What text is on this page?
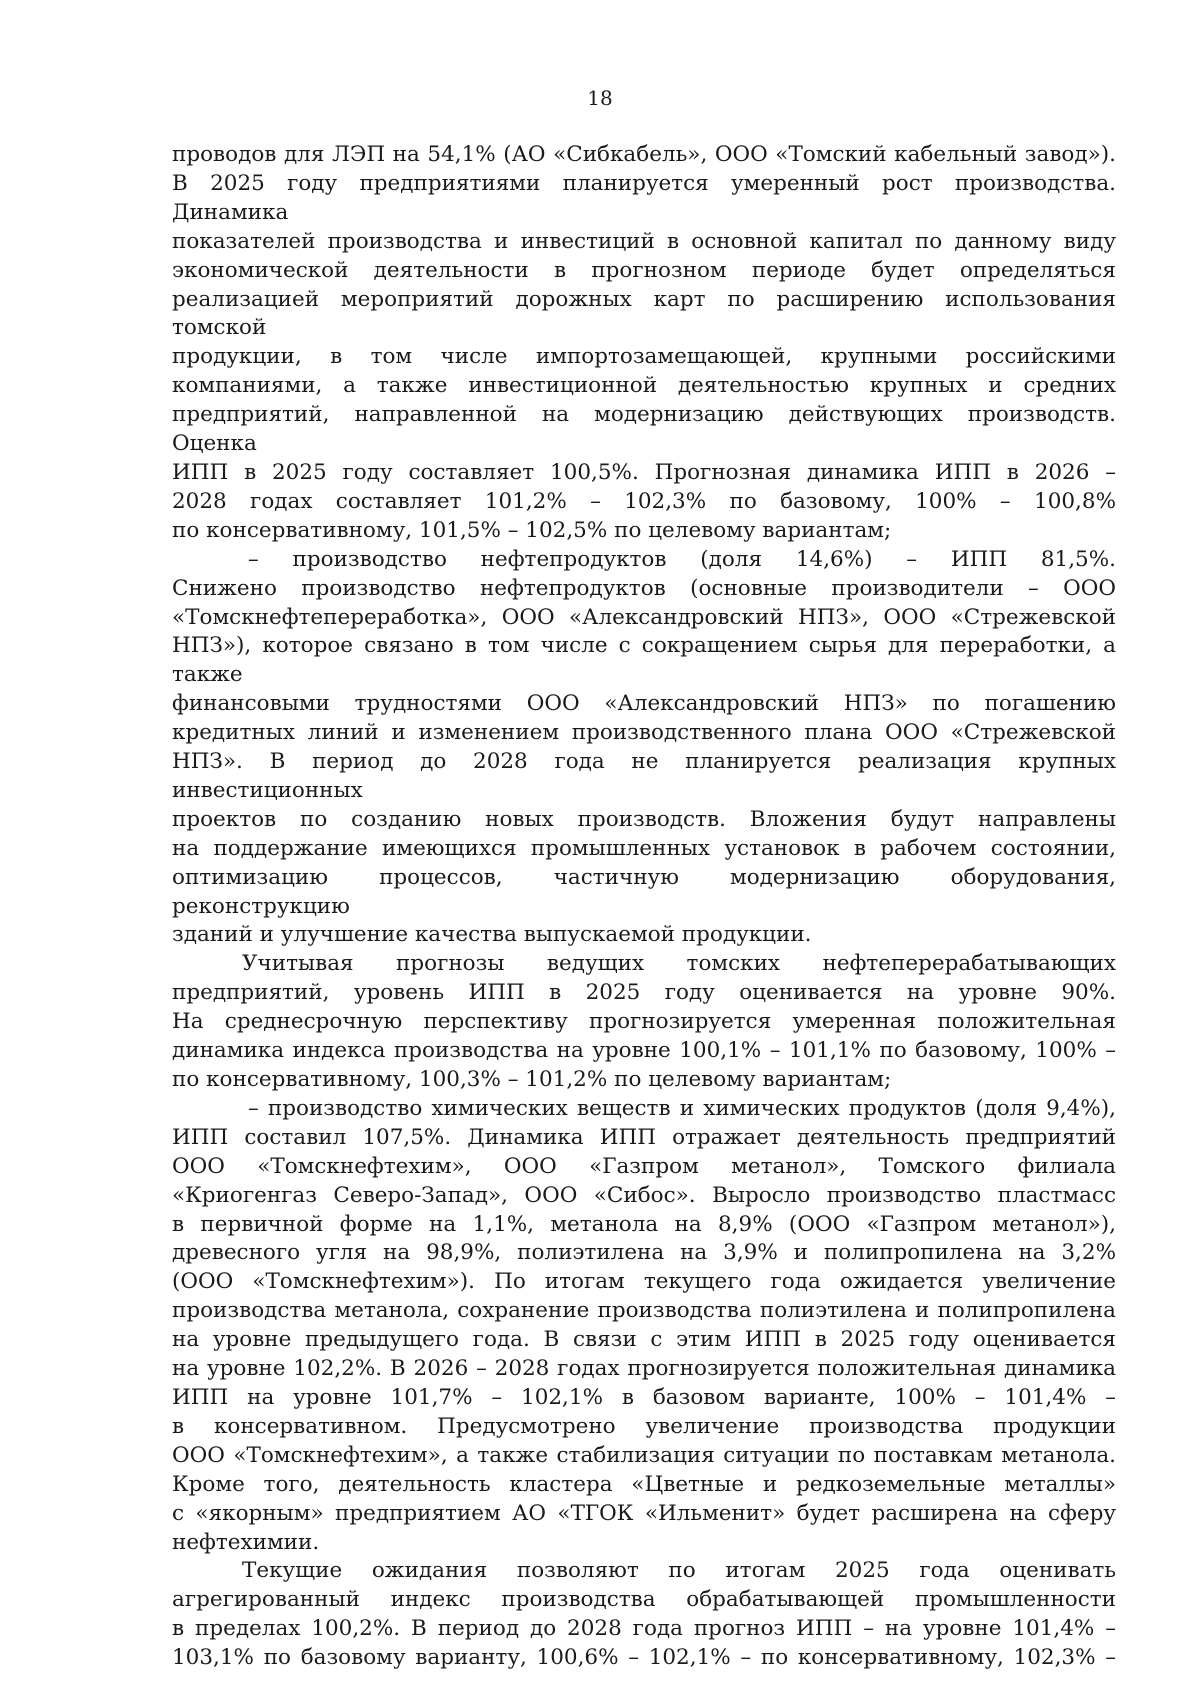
18

проводов для ЛЭП на 54,1% (АО «Сибкабель», ООО «Томский кабельный завод»).

В 2025 году предприятиями планируется умеренный рост производства. Динамика

показателей производства и инвестиций в основной капитал по данному виду

экономической деятельности в прогнозном периоде будет определяться

реализацией мероприятий дорожных карт по расширению использования томской

продукции, в том числе импортозамещающей, крупными российскими

компаниями, а также инвестиционной деятельностью крупных и средних

предприятий, направленной на модернизацию действующих производств. Оценка

ИПП в 2025 году составляет 100,5%. Прогнозная динамика ИПП в 2026 –

2028 годах составляет 101,2% – 102,3% по базовому, 100% – 100,8%

по консервативному, 101,5% – 102,5% по целевому вариантам;

– производство нефтепродуктов (доля 14,6%) – ИПП 81,5%.

Снижено производство нефтепродуктов (основные производители – ООО

«Томскнефтепереработка», ООО «Александровский НПЗ», ООО «Стрежевской

НПЗ»), которое связано в том числе с сокращением сырья для переработки, а также

финансовыми трудностями ООО «Александровский НПЗ» по погашению

кредитных линий и изменением производственного плана ООО «Стрежевской

НПЗ». В период до 2028 года не планируется реализация крупных инвестиционных

проектов по созданию новых производств. Вложения будут направлены

на поддержание имеющихся промышленных установок в рабочем состоянии,

оптимизацию процессов, частичную модернизацию оборудования, реконструкцию

зданий и улучшение качества выпускаемой продукции.

Учитывая прогнозы ведущих томских нефтеперерабатывающих

предприятий, уровень ИПП в 2025 году оценивается на уровне 90%.

На среднесрочную перспективу прогнозируется умеренная положительная

динамика индекса производства на уровне 100,1% – 101,1% по базовому, 100% –

по консервативному, 100,3% – 101,2% по целевому вариантам;

– производство химических веществ и химических продуктов (доля 9,4%),

ИПП составил 107,5%. Динамика ИПП отражает деятельность предприятий

ООО «Томскнефтехим», ООО «Газпром метанол», Томского филиала

«Криогенгаз Северо-Запад», ООО «Сибос». Выросло производство пластмасс

в первичной форме на 1,1%, метанола на 8,9% (ООО «Газпром метанол»),

древесного угля на 98,9%, полиэтилена на 3,9% и полипропилена на 3,2%

(ООО «Томскнефтехим»). По итогам текущего года ожидается увеличение

производства метанола, сохранение производства полиэтилена и полипропилена

на уровне предыдущего года. В связи с этим ИПП в 2025 году оценивается

на уровне 102,2%. В 2026 – 2028 годах прогнозируется положительная динамика

ИПП на уровне 101,7% – 102,1% в базовом варианте, 100% – 101,4% –

в консервативном. Предусмотрено увеличение производства продукции

ООО «Томскнефтехим», а также стабилизация ситуации по поставкам метанола.

Кроме того, деятельность кластера «Цветные и редкоземельные металлы»

с «якорным» предприятием АО «ТГОК «Ильменит» будет расширена на сферу

нефтехимии.

Текущие ожидания позволяют по итогам 2025 года оценивать

агрегированный индекс производства обрабатывающей промышленности

в пределах 100,2%. В период до 2028 года прогноз ИПП – на уровне 101,4% –

103,1% по базовому варианту, 100,6% – 102,1% – по консервативному, 102,3% –
